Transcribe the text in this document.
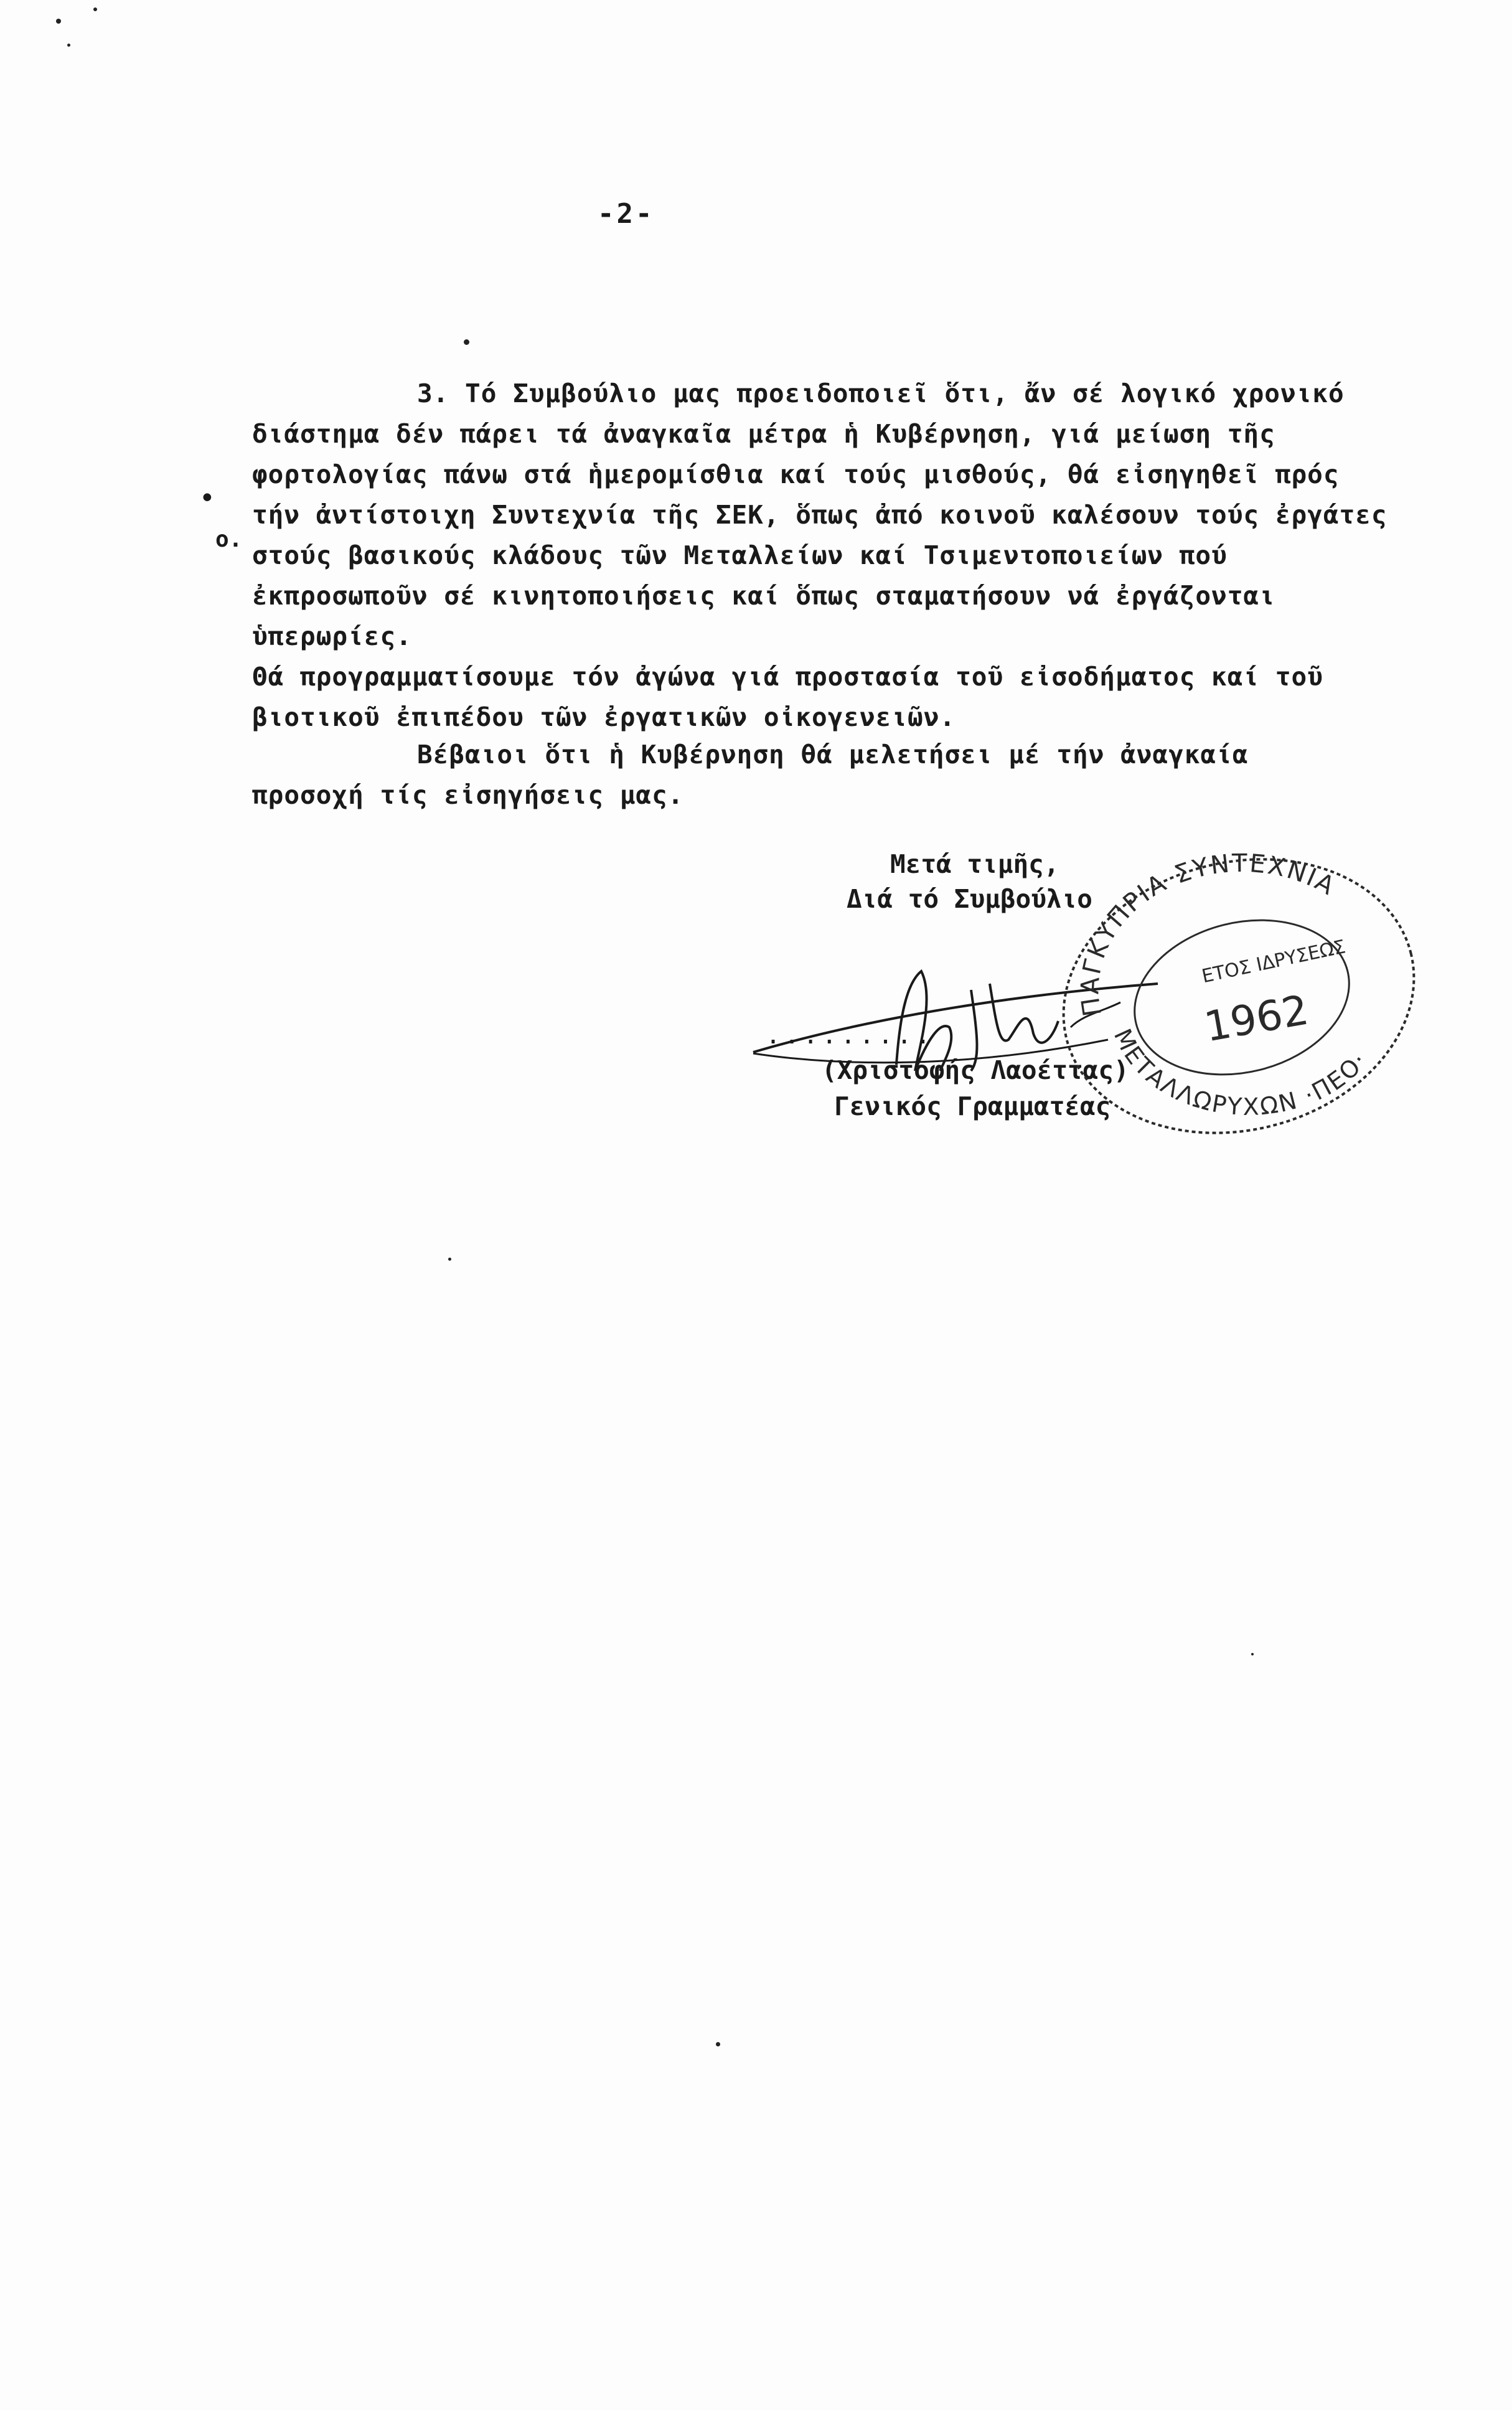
-2-
•
ο.
3. Τό Συμβούλιο μας προειδοποιεῖ ὅτι, ἄν σέ λογικό χρονικό
διάστημα δέν πάρει τά ἀναγκαῖα μέτρα ἡ Κυβέρνηση, γιά μείωση τῆς
φορτολογίας πάνω στά ἡμερομίσθια καί τούς μισθούς, θά εἰσηγηθεῖ πρός
τήν ἀντίστοιχη Συντεχνία τῆς ΣΕΚ, ὅπως ἀπό κοινοῦ καλέσουν τούς ἐργάτες
στούς βασικούς κλάδους τῶν Μεταλλείων καί Τσιμεντοποιείων πού
ἐκπροσωποῦν σέ κινητοποιήσεις καί ὅπως σταματήσουν νά ἐργάζονται
ὑπερωρίες.
Θά προγραμματίσουμε τόν ἀγώνα γιά προστασία τοῦ εἰσοδήματος καί τοῦ
βιοτικοῦ ἐπιπέδου τῶν ἐργατικῶν οἰκογενειῶν.
Βέβαιοι ὅτι ἡ Κυβέρνηση θά μελετήσει μέ τήν ἀναγκαία
προσοχή τίς εἰσηγήσεις μας.
Μετά τιμῆς,
Διά τό Συμβούλιο
.........
(Χριστοφής Λαοέττας)
Γενικός Γραμματέας
ΠΑΓΚΥΠΡΙΑ ΣΥΝΤΕΧΝΙΑ
ΜΕΤΑΛΛΩΡΥΧΩΝ ·ΠΕΟ·
ΕΤΟΣ ΙΔΡΥΣΕΩΣ
1962
